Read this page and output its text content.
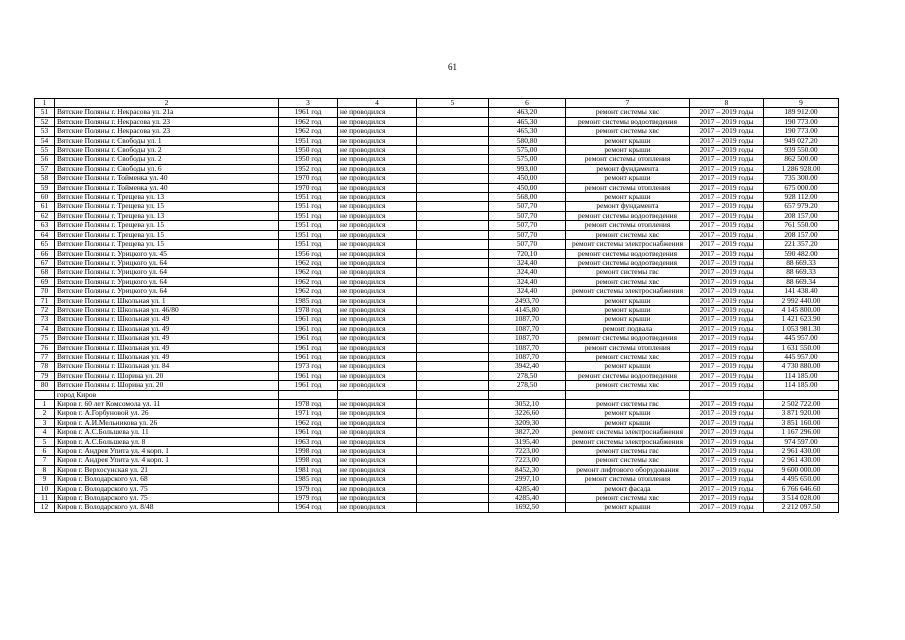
61
1	2	3	4	5	6	7	8	9
51	Вятские Поляны г. Некрасова ул. 21а	1961 год	не проводился		463,20	ремонт системы хвс	2017 – 2019 годы	189 912.00
52	Вятские Поляны г. Некрасова ул. 23	1962 год	не проводился		465,30	ремонт системы водоотведения	2017 – 2019 годы	190 773.00
53	Вятские Поляны г. Некрасова ул. 23	1962 год	не проводился		465,30	ремонт системы хвс	2017 – 2019 годы	190 773.00
54	Вятские Поляны г. Свободы ул. 1	1951 год	не проводился		580,80	ремонт крыши	2017 – 2019 годы	949 027.20
55	Вятские Поляны г. Свободы ул. 2	1950 год	не проводился		575,00	ремонт крыши	2017 – 2019 годы	939 550.00
56	Вятские Поляны г. Свободы ул. 2	1950 год	не проводился		575,00	ремонт системы отопления	2017 – 2019 годы	862 500.00
57	Вятские Поляны г. Свободы ул. 6	1952 год	не проводился		993,00	ремонт фундамента	2017 – 2019 годы	1 286 928.00
58	Вятские Поляны г. Тойменка ул. 40	1970 год	не проводился		450,00	ремонт крыши	2017 – 2019 годы	735 300.00
59	Вятские Поляны г. Тойменка ул. 40	1970 год	не проводился		450,00	ремонт системы отопления	2017 – 2019 годы	675 000.00
60	Вятские Поляны г. Трещева ул. 13	1951 год	не проводился		568,00	ремонт крыши	2017 – 2019 годы	928 112.00
61	Вятские Поляны г. Трещева ул. 15	1951 год	не проводился		507,70	ремонт фундамента	2017 – 2019 годы	657 979.20
62	Вятские Поляны г. Трещева ул. 13	1951 год	не проводился		507,70	ремонт системы водоотведения	2017 – 2019 годы	208 157.00
63	Вятские Поляны г. Трещева ул. 15	1951 год	не проводился		507,70	ремонт системы отопления	2017 – 2019 годы	761 550.00
64	Вятские Поляны г. Трещева ул. 15	1951 год	не проводился		507,70	ремонт системы хвс	2017 – 2019 годы	208 157.00
65	Вятские Поляны г. Трещева ул. 15	1951 год	не проводился		507,70	ремонт системы электроснабжения	2017 – 2019 годы	221 357.20
66	Вятские Поляны г. Урицкого ул. 45	1956 год	не проводился		720,10	ремонт системы водоотведения	2017 – 2019 годы	590 482.00
67	Вятские Поляны г. Урицкого ул. 64	1962 год	не проводился		324,40	ремонт системы водоотведения	2017 – 2019 годы	88 669.33
68	Вятские Поляны г. Урицкого ул. 64	1962 год	не проводился		324,40	ремонт системы гвс	2017 – 2019 годы	88 669.33
69	Вятские Поляны г. Урицкого ул. 64	1962 год	не проводился		324,40	ремонт системы хвс	2017 – 2019 годы	88 669.34
70	Вятские Поляны г. Урицкого ул. 64	1962 год	не проводился		324,40	ремонт системы электроснабжения	2017 – 2019 годы	141 438.40
71	Вятские Поляны г. Школьная ул. 1	1985 год	не проводился		2493,70	ремонт крыши	2017 – 2019 годы	2 992 440.00
72	Вятские Поляны г. Школьная ул. 46/80	1978 год	не проводился		4145,80	ремонт крыши	2017 – 2019 годы	4 145 800.00
73	Вятские Поляны г. Школьная ул. 49	1961 год	не проводился		1087,70	ремонт крыши	2017 – 2019 годы	1 421 623.90
74	Вятские Поляны г. Школьная ул. 49	1961 год	не проводился		1087,70	ремонт подвала	2017 – 2019 годы	1 053 981.30
75	Вятские Поляны г. Школьная ул. 49	1961 год	не проводился		1087,70	ремонт системы водоотведения	2017 – 2019 годы	445 957.00
76	Вятские Поляны г. Школьная ул. 49	1961 год	не проводился		1087,70	ремонт системы отопления	2017 – 2019 годы	1 631 550.00
77	Вятские Поляны г. Школьная ул. 49	1961 год	не проводился		1087,70	ремонт системы хвс	2017 – 2019 годы	445 957.00
78	Вятские Поляны г. Школьная ул. 84	1973 год	не проводился		3942,40	ремонт крыши	2017 – 2019 годы	4 730 880.00
79	Вятские Поляны г. Шорина ул. 20	1961 год	не проводился		278,50	ремонт системы водоотведения	2017 – 2019 годы	114 185.00
80	Вятские Поляны г. Шорина ул. 20	1961 год	не проводился		278,50	ремонт системы хвс	2017 – 2019 годы	114 185.00
	город Киров							
1	Киров г. 60 лет Комсомола ул. 11	1978 год	не проводился		3052,10	ремонт системы гвс	2017 – 2019 годы	2 502 722.00
2	Киров г. А.Горбуновой ул. 26	1971 год	не проводился		3226,60	ремонт крыши	2017 – 2019 годы	3 871 920.00
3	Киров г. А.И.Мельникова ул. 26	1962 год	не проводился		3209,30	ремонт крыши	2017 – 2019 годы	3 851 160.00
4	Киров г. А.С.Большева ул. 11	1961 год	не проводился		3827,20	ремонт системы электроснабжения	2017 – 2019 годы	1 167 296.00
5	Киров г. А.С.Большева ул. 8	1963 год	не проводился		3195,40	ремонт системы электроснабжения	2017 – 2019 годы	974 597.00
6	Киров г. Андрея Упита ул. 4 корп. 1	1998 год	не проводился		7223,00	ремонт системы гвс	2017 – 2019 годы	2 961 430.00
7	Киров г. Андрея Упита ул. 4 корп. 1	1998 год	не проводился		7223,00	ремонт системы хвс	2017 – 2019 годы	2 961 430.00
8	Киров г. Верхосунская ул. 21	1981 год	не проводился		8452,30	ремонт лифтового оборудования	2017 – 2019 годы	9 600 000.00
9	Киров г. Володарского ул. 68	1985 год	не проводился		2997,10	ремонт системы отопления	2017 – 2019 годы	4 495 650.00
10	Киров г. Володарского ул. 75	1979 год	не проводился		4285,40	ремонт фасада	2017 – 2019 годы	6 766 646.60
11	Киров г. Володарского ул. 75	1979 год	не проводился		4285,40	ремонт системы хвс	2017 – 2019 годы	3 514 028.00
12	Киров г. Володарского ул. 8/48	1964 год	не проводился		1692,50	ремонт крыши	2017 – 2019 годы	2 212 097.50
